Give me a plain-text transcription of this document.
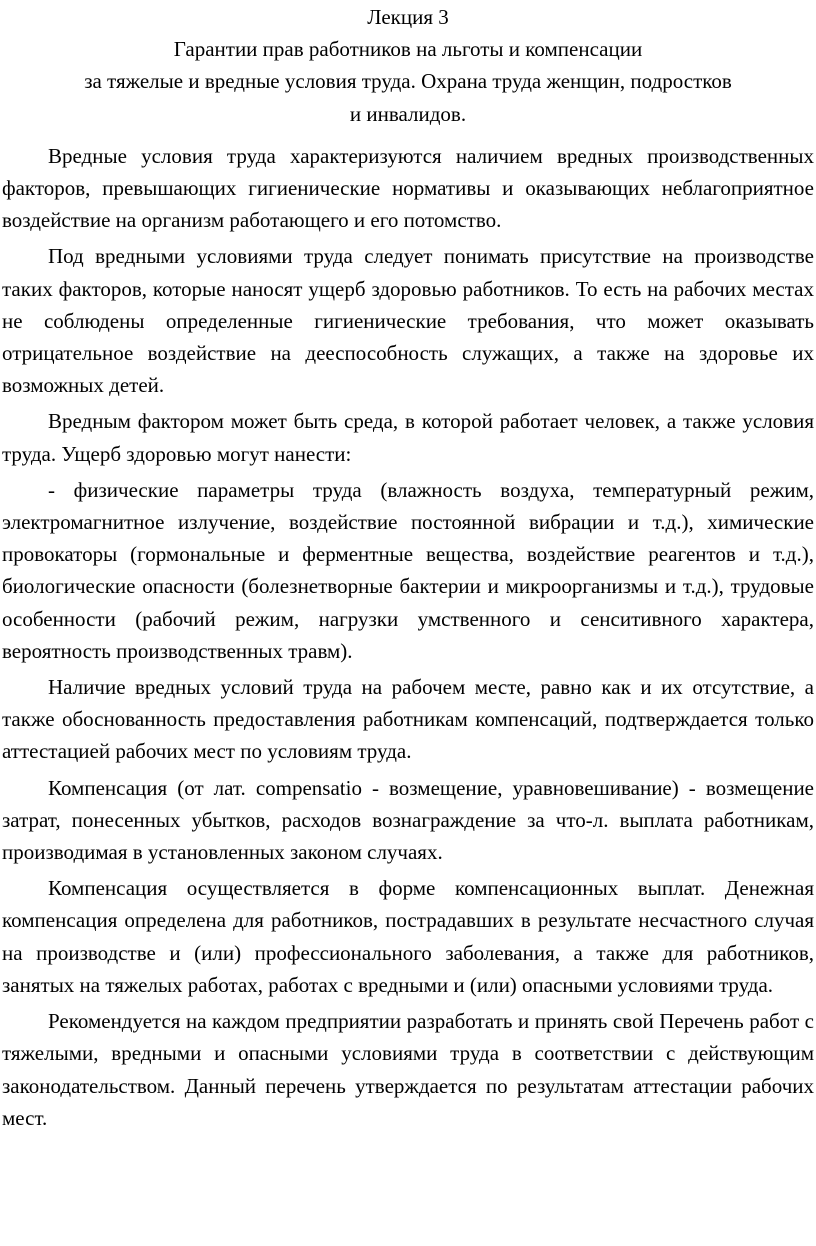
Лекция 3
Гарантии прав работников на льготы и компенсации
за тяжелые и вредные условия труда. Охрана труда женщин, подростков
и инвалидов.

Вредные условия труда характеризуются наличием вредных производственных факторов, превышающих гигиенические нормативы и оказывающих неблагоприятное воздействие на организм работающего и его потомство.

Под вредными условиями труда следует понимать присутствие на производстве таких факторов, которые наносят ущерб здоровью работников. То есть на рабочих местах не соблюдены определенные гигиенические требования, что может оказывать отрицательное воздействие на дееспособность служащих, а также на здоровье их возможных детей.

Вредным фактором может быть среда, в которой работает человек, а также условия труда. Ущерб здоровью могут нанести:

- физические параметры труда (влажность воздуха, температурный режим, электромагнитное излучение, воздействие постоянной вибрации и т.д.), химические провокаторы (гормональные и ферментные вещества, воздействие реагентов и т.д.), биологические опасности (болезнетворные бактерии и микроорганизмы и т.д.), трудовые особенности (рабочий режим, нагрузки умственного и сенситивного характера, вероятность производственных травм).

Наличие вредных условий труда на рабочем месте, равно как и их отсутствие, а также обоснованность предоставления работникам компенсаций, подтверждается только аттестацией рабочих мест по условиям труда.

Компенсация (от лат. compensatio - возмещение, уравновешивание) - возмещение затрат, понесенных убытков, расходов вознаграждение за что-л. выплата работникам, производимая в установленных законом случаях.

Компенсация осуществляется в форме компенсационных выплат. Денежная компенсация определена для работников, пострадавших в результате несчастного случая на производстве и (или) профессионального заболевания, а также для работников, занятых на тяжелых работах, работах с вредными и (или) опасными условиями труда.

Рекомендуется на каждом предприятии разработать и принять свой Перечень работ с тяжелыми, вредными и опасными условиями труда в соответствии с действующим законодательством. Данный перечень утверждается по результатам аттестации рабочих мест.
